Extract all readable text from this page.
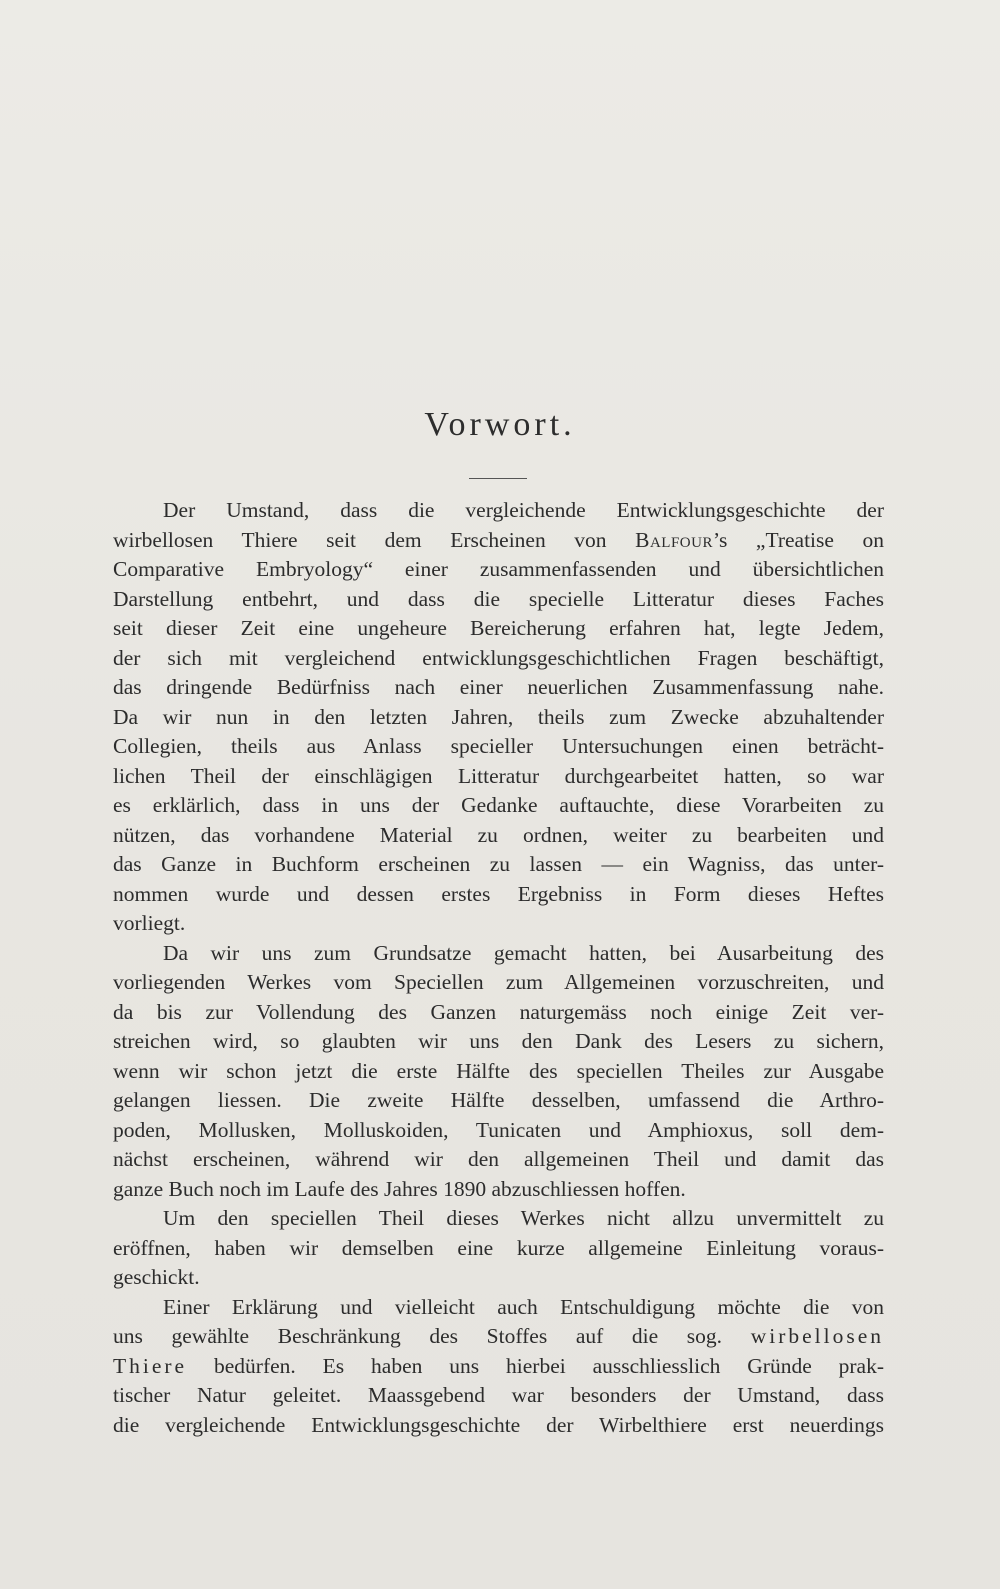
Vorwort.
Der Umstand, dass die vergleichende Entwicklungsgeschichte der
wirbellosen Thiere seit dem Erscheinen von Balfour’s „Treatise on
Comparative Embryology“ einer zusammenfassenden und übersichtlichen
Darstellung entbehrt, und dass die specielle Litteratur dieses Faches
seit dieser Zeit eine ungeheure Bereicherung erfahren hat, legte Jedem,
der sich mit vergleichend entwicklungsgeschichtlichen Fragen beschäftigt,
das dringende Bedürfniss nach einer neuerlichen Zusammenfassung nahe.
Da wir nun in den letzten Jahren, theils zum Zwecke abzuhaltender
Collegien, theils aus Anlass specieller Untersuchungen einen beträcht-
lichen Theil der einschlägigen Litteratur durchgearbeitet hatten, so war
es erklärlich, dass in uns der Gedanke auftauchte, diese Vorarbeiten zu
nützen, das vorhandene Material zu ordnen, weiter zu bearbeiten und
das Ganze in Buchform erscheinen zu lassen — ein Wagniss, das unter-
nommen wurde und dessen erstes Ergebniss in Form dieses Heftes
vorliegt.
Da wir uns zum Grundsatze gemacht hatten, bei Ausarbeitung des
vorliegenden Werkes vom Speciellen zum Allgemeinen vorzuschreiten, und
da bis zur Vollendung des Ganzen naturgemäss noch einige Zeit ver-
streichen wird, so glaubten wir uns den Dank des Lesers zu sichern,
wenn wir schon jetzt die erste Hälfte des speciellen Theiles zur Ausgabe
gelangen liessen. Die zweite Hälfte desselben, umfassend die Arthro-
poden, Mollusken, Molluskoiden, Tunicaten und Amphioxus, soll dem-
nächst erscheinen, während wir den allgemeinen Theil und damit das
ganze Buch noch im Laufe des Jahres 1890 abzuschliessen hoffen.
Um den speciellen Theil dieses Werkes nicht allzu unvermittelt zu
eröffnen, haben wir demselben eine kurze allgemeine Einleitung voraus-
geschickt.
Einer Erklärung und vielleicht auch Entschuldigung möchte die von
uns gewählte Beschränkung des Stoffes auf die sog. wirbellosen
Thiere bedürfen. Es haben uns hierbei ausschliesslich Gründe prak-
tischer Natur geleitet. Maassgebend war besonders der Umstand, dass
die vergleichende Entwicklungsgeschichte der Wirbelthiere erst neuerdings
